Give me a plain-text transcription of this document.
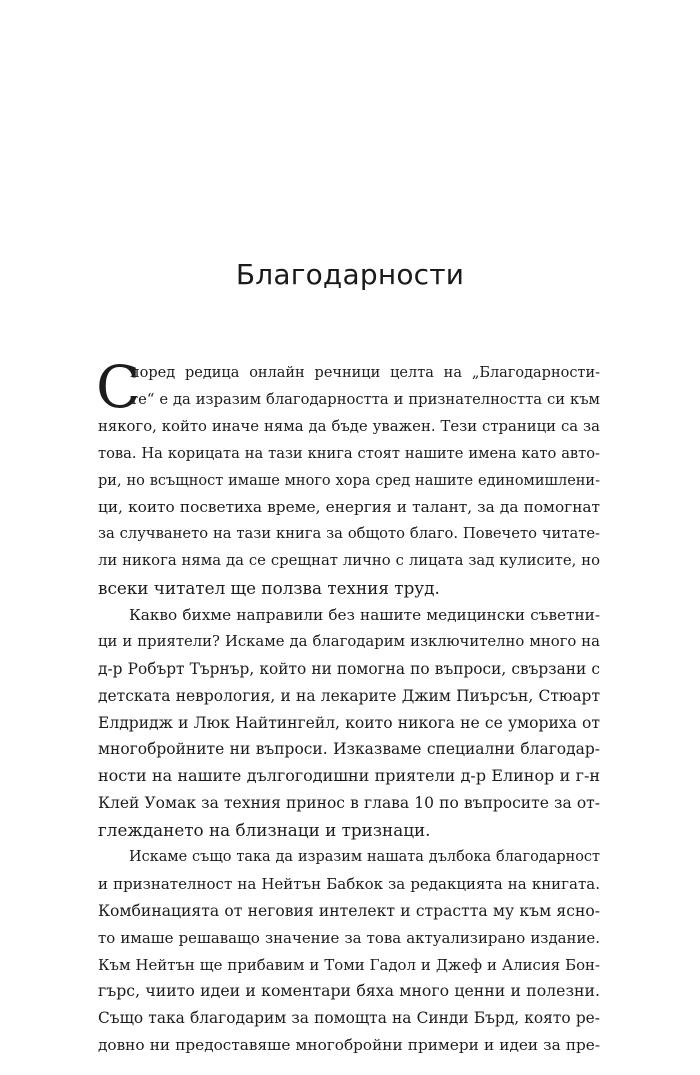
Благодарности
С
поред редица онлайн речници целта на „Благодарности-
те“ е да изразим благодарността и признателността си към
някого, който иначе няма да бъде уважен. Тези страници са за
това. На корицата на тази книга стоят нашите имена като авто-
ри, но всъщност имаше много хора сред нашите единомишлени-
ци, които посветиха време, енергия и талант, за да помогнат
за случването на тази книга за общото благо. Повечето читате-
ли никога няма да се срещнат лично с лицата зад кулисите, но
всеки читател ще ползва техния труд.
Какво бихме направили без нашите медицински съветни-
ци и приятели? Искаме да благодарим изключително много на
д-р Робърт Търнър, който ни помогна по въпроси, свързани с
детската неврология, и на лекарите Джим Пиърсън, Стюарт
Елдридж и Люк Найтингейл, които никога не се умориха от
многобройните ни въпроси. Изказваме специални благодар-
ности на нашите дългогодишни приятели д-р Елинор и г-н
Клей Уомак за техния принос в глава 10 по въпросите за от-
глеждането на близнаци и тризнаци.
Искаме също така да изразим нашата дълбока благодарност
и признателност на Нейтън Бабкок за редакцията на книгата.
Комбинацията от неговия интелект и страстта му към ясно-
то имаше решаващо значение за това актуализирано издание.
Към Нейтън ще прибавим и Томи Гадол и Джеф и Алисия Бон-
гърс, чиито идеи и коментари бяха много ценни и полезни.
Също така благодарим за помощта на Синди Бърд, която ре-
довно ни предоставяше многобройни примери и идеи за пре-
